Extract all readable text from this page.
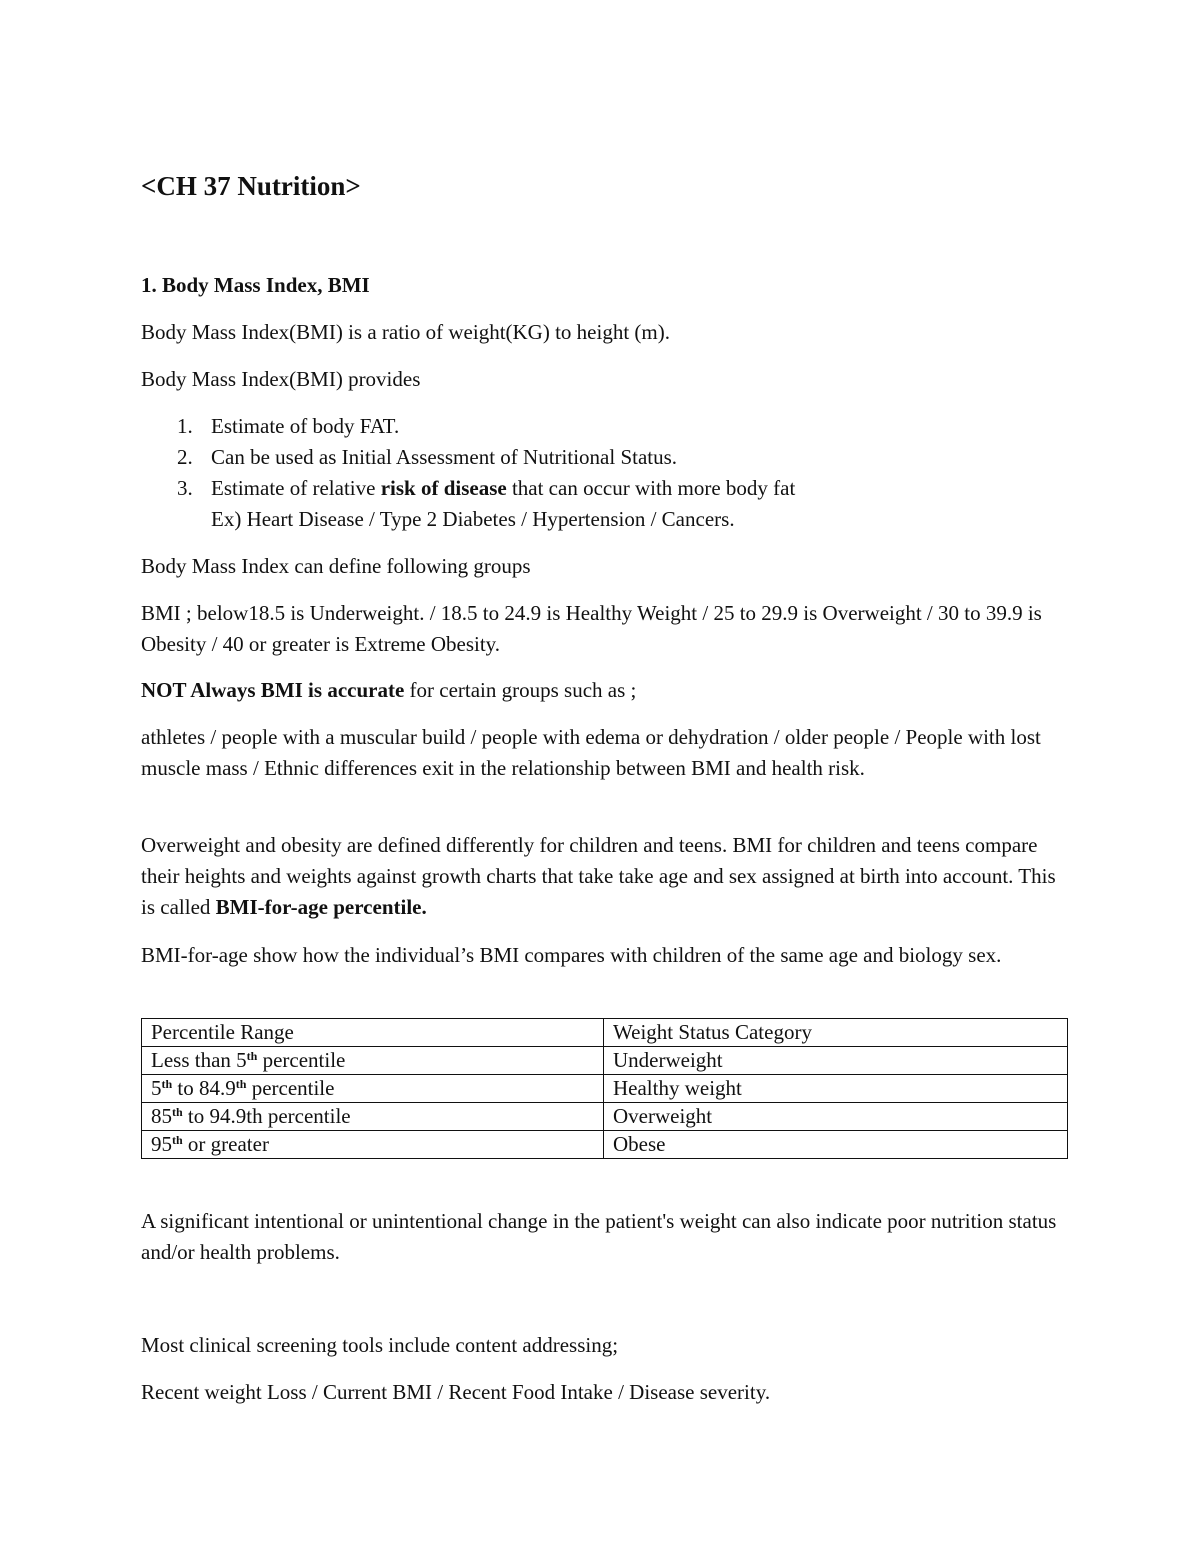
<CH 37 Nutrition>
1. Body Mass Index, BMI

Body Mass Index(BMI) is a ratio of weight(KG) to height (m).

Body Mass Index(BMI) provides

1. Estimate of body FAT.
2. Can be used as Initial Assessment of Nutritional Status.
3. Estimate of relative risk of disease that can occur with more body fat
Ex) Heart Disease / Type 2 Diabetes / Hypertension / Cancers.

Body Mass Index can define following groups

BMI ; below18.5 is Underweight. / 18.5 to 24.9 is Healthy Weight / 25 to 29.9 is Overweight / 30 to 39.9 is Obesity / 40 or greater is Extreme Obesity.

NOT Always BMI is accurate for certain groups such as ;

athletes / people with a muscular build / people with edema or dehydration / older people / People with lost muscle mass / Ethnic differences exit in the relationship between BMI and health risk.

Overweight and obesity are defined differently for children and teens. BMI for children and teens compare their heights and weights against growth charts that take take age and sex assigned at birth into account. This is called BMI-for-age percentile.

BMI-for-age show how the individual’s BMI compares with children of the same age and biology sex.

Percentile Range	Weight Status Category
Less than 5th percentile	Underweight
5th to 84.9th percentile	Healthy weight
85th to 94.9th percentile	Overweight
95th or greater	Obese

A significant intentional or unintentional change in the patient's weight can also indicate poor nutrition status and/or health problems.

Most clinical screening tools include content addressing;

Recent weight Loss / Current BMI / Recent Food Intake / Disease severity.
